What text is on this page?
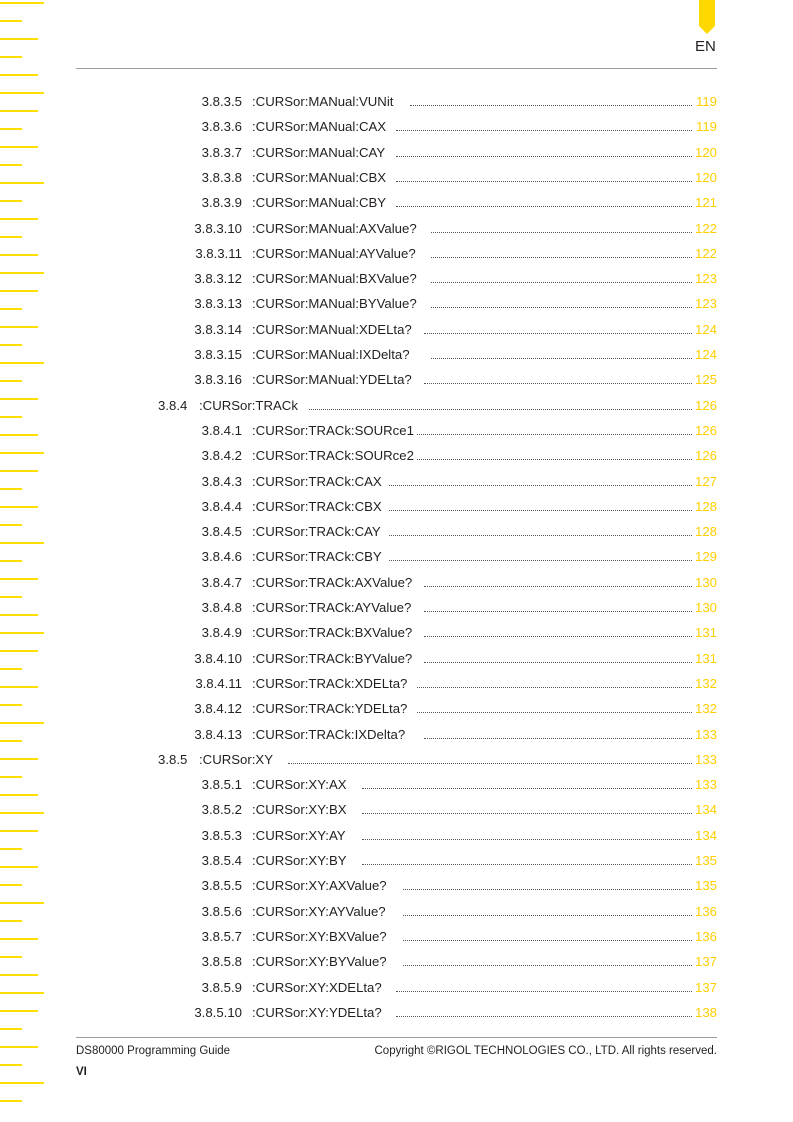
EN
3.8.3.5 :CURSor:MANual:VUNit	119
3.8.3.6 :CURSor:MANual:CAX	119
3.8.3.7 :CURSor:MANual:CAY	120
3.8.3.8 :CURSor:MANual:CBX	120
3.8.3.9 :CURSor:MANual:CBY	121
3.8.3.10 :CURSor:MANual:AXValue?	122
3.8.3.11 :CURSor:MANual:AYValue?	122
3.8.3.12 :CURSor:MANual:BXValue?	123
3.8.3.13 :CURSor:MANual:BYValue?	123
3.8.3.14 :CURSor:MANual:XDELta?	124
3.8.3.15 :CURSor:MANual:IXDelta?	124
3.8.3.16 :CURSor:MANual:YDELta?	125
3.8.4 :CURSor:TRACk	126
3.8.4.1 :CURSor:TRACk:SOURce1	126
3.8.4.2 :CURSor:TRACk:SOURce2	126
3.8.4.3 :CURSor:TRACk:CAX	127
3.8.4.4 :CURSor:TRACk:CBX	128
3.8.4.5 :CURSor:TRACk:CAY	128
3.8.4.6 :CURSor:TRACk:CBY	129
3.8.4.7 :CURSor:TRACk:AXValue?	130
3.8.4.8 :CURSor:TRACk:AYValue?	130
3.8.4.9 :CURSor:TRACk:BXValue?	131
3.8.4.10 :CURSor:TRACk:BYValue?	131
3.8.4.11 :CURSor:TRACk:XDELta?	132
3.8.4.12 :CURSor:TRACk:YDELta?	132
3.8.4.13 :CURSor:TRACk:IXDelta?	133
3.8.5 :CURSor:XY	133
3.8.5.1 :CURSor:XY:AX	133
3.8.5.2 :CURSor:XY:BX	134
3.8.5.3 :CURSor:XY:AY	134
3.8.5.4 :CURSor:XY:BY	135
3.8.5.5 :CURSor:XY:AXValue?	135
3.8.5.6 :CURSor:XY:AYValue?	136
3.8.5.7 :CURSor:XY:BXValue?	136
3.8.5.8 :CURSor:XY:BYValue?	137
3.8.5.9 :CURSor:XY:XDELta?	137
3.8.5.10 :CURSor:XY:YDELta?	138
DS80000 Programming Guide	Copyright ©RIGOL TECHNOLOGIES CO., LTD. All rights reserved.
VI
